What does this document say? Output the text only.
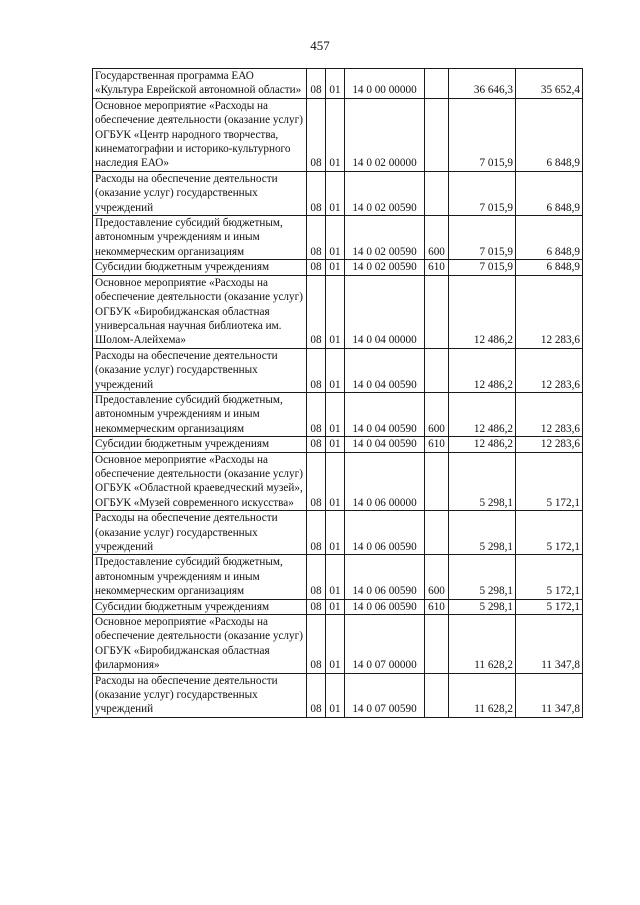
457
Государственная программа ЕАО «Культура Еврейской автономной области»	08	01	14 0 00 00000		36 646,3	35 652,4
Основное мероприятие «Расходы на обеспечение деятельности (оказание услуг) ОГБУК «Центр народного творчества, кинематографии и историко-культурного наследия ЕАО»	08	01	14 0 02 00000		7 015,9	6 848,9
Расходы на обеспечение деятельности (оказание услуг) государственных учреждений	08	01	14 0 02 00590		7 015,9	6 848,9
Предоставление субсидий бюджетным, автономным учреждениям и иным некоммерческим организациям	08	01	14 0 02 00590	600	7 015,9	6 848,9
Субсидии бюджетным учреждениям	08	01	14 0 02 00590	610	7 015,9	6 848,9
Основное мероприятие «Расходы на обеспечение деятельности (оказание услуг) ОГБУК «Биробиджанская областная универсальная научная библиотека им. Шолом-Алейхема»	08	01	14 0 04 00000		12 486,2	12 283,6
Расходы на обеспечение деятельности (оказание услуг) государственных учреждений	08	01	14 0 04 00590		12 486,2	12 283,6
Предоставление субсидий бюджетным, автономным учреждениям и иным некоммерческим организациям	08	01	14 0 04 00590	600	12 486,2	12 283,6
Субсидии бюджетным учреждениям	08	01	14 0 04 00590	610	12 486,2	12 283,6
Основное мероприятие «Расходы на обеспечение деятельности (оказание услуг) ОГБУК «Областной краеведческий музей», ОГБУК «Музей современного искусства»	08	01	14 0 06 00000		5 298,1	5 172,1
Расходы на обеспечение деятельности (оказание услуг) государственных учреждений	08	01	14 0 06 00590		5 298,1	5 172,1
Предоставление субсидий бюджетным, автономным учреждениям и иным некоммерческим организациям	08	01	14 0 06 00590	600	5 298,1	5 172,1
Субсидии бюджетным учреждениям	08	01	14 0 06 00590	610	5 298,1	5 172,1
Основное мероприятие «Расходы на обеспечение деятельности (оказание услуг) ОГБУК «Биробиджанская областная филармония»	08	01	14 0 07 00000		11 628,2	11 347,8
Расходы на обеспечение деятельности (оказание услуг) государственных учреждений	08	01	14 0 07 00590		11 628,2	11 347,8
